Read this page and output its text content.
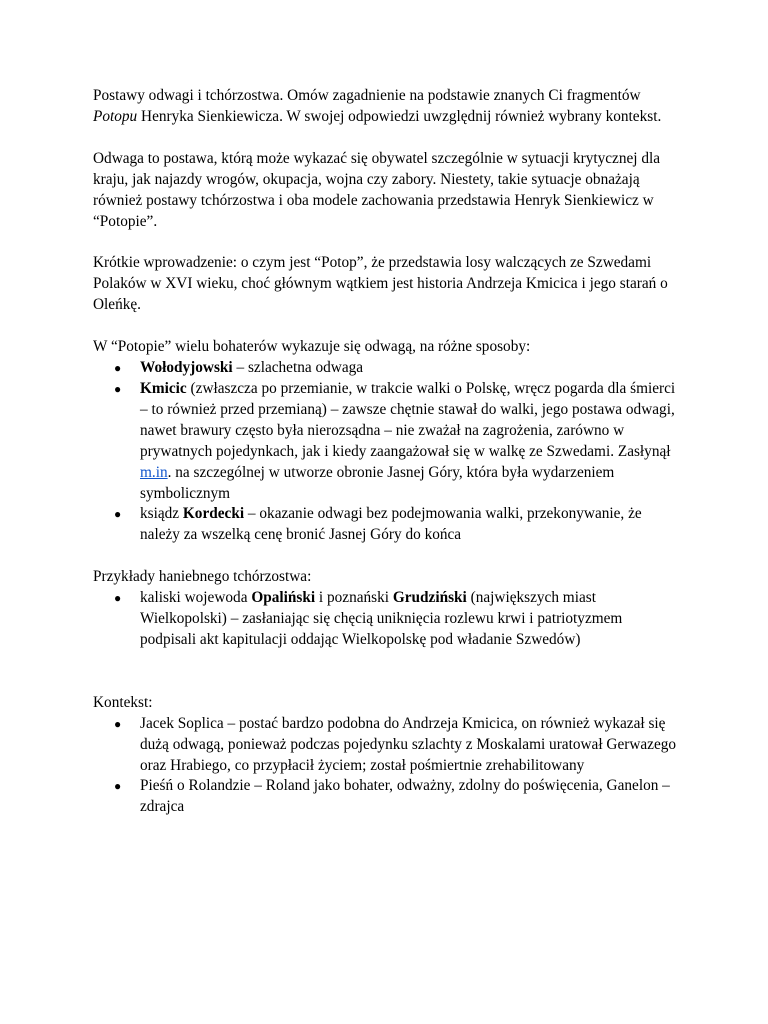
Postawy odwagi i tchórzostwa. Omów zagadnienie na podstawie znanych Ci fragmentów Potopu Henryka Sienkiewicza. W swojej odpowiedzi uwzględnij również wybrany kontekst.

Odwaga to postawa, którą może wykazać się obywatel szczególnie w sytuacji krytycznej dla kraju, jak najazdy wrogów, okupacja, wojna czy zabory. Niestety, takie sytuacje obnażają również postawy tchórzostwa i oba modele zachowania przedstawia Henryk Sienkiewicz w “Potopie”.

Krótkie wprowadzenie: o czym jest “Potop”, że przedstawia losy walczących ze Szwedami Polaków w XVI wieku, choć głównym wątkiem jest historia Andrzeja Kmicica i jego starań o Oleńkę.

W “Potopie” wielu bohaterów wykazuje się odwagą, na różne sposoby:

● Wołodyjowski – szlachetna odwaga
● Kmicic (zwłaszcza po przemianie, w trakcie walki o Polskę, wręcz pogarda dla śmierci – to również przed przemianą) – zawsze chętnie stawał do walki, jego postawa odwagi, nawet brawury często była nierozsądna – nie zważał na zagrożenia, zarówno w prywatnych pojedynkach, jak i kiedy zaangażował się w walkę ze Szwedami. Zasłynął m.in. na szczególnej w utworze obronie Jasnej Góry, która była wydarzeniem symbolicznym
● ksiądz Kordecki – okazanie odwagi bez podejmowania walki, przekonywanie, że należy za wszelką cenę bronić Jasnej Góry do końca

Przykłady haniebnego tchórzostwa:

● kaliski wojewoda Opaliński i poznański Grudziński (największych miast Wielkopolski) – zasłaniając się chęcią uniknięcia rozlewu krwi i patriotyzmem podpisali akt kapitulacji oddając Wielkopolskę pod władanie Szwedów)

Kontekst:

● Jacek Soplica – postać bardzo podobna do Andrzeja Kmicica, on również wykazał się dużą odwagą, ponieważ podczas pojedynku szlachty z Moskalami uratował Gerwazego oraz Hrabiego, co przypłacił życiem; został pośmiertnie zrehabilitowany
● Pieśń o Rolandzie – Roland jako bohater, odważny, zdolny do poświęcenia, Ganelon – zdrajca
